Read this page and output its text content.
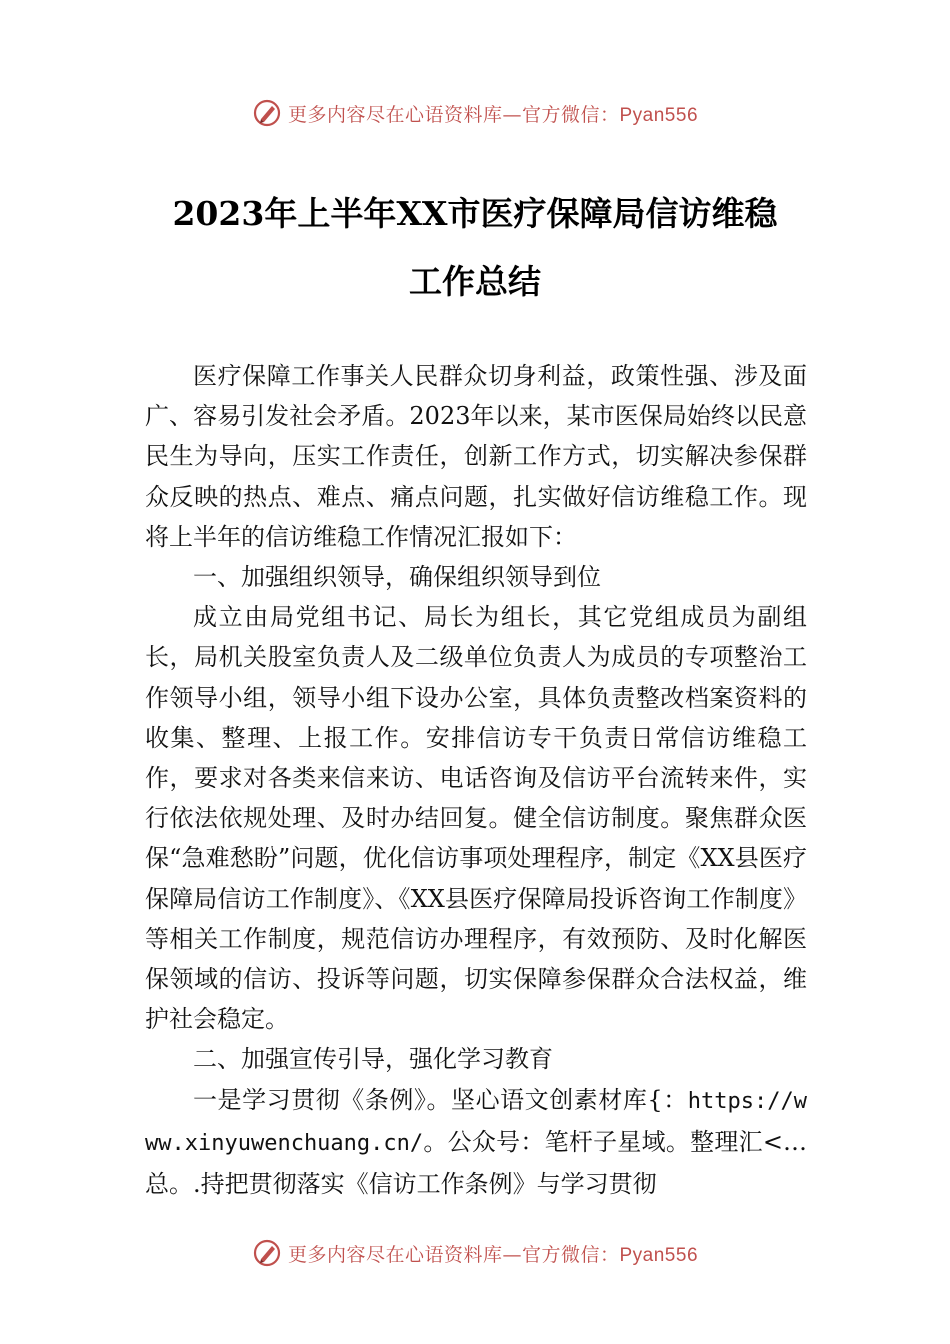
更多内容尽在心语资料库—官方微信：Pyan556
2023年上半年XX市医疗保障局信访维稳
工作总结

医疗保障工作事关人民群众切身利益，政策性强、涉及面广、容易引发社会矛盾。2023年以来，某市医保局始终以民意民生为导向，压实工作责任，创新工作方式，切实解决参保群众反映的热点、难点、痛点问题，扎实做好信访维稳工作。现将上半年的信访维稳工作情况汇报如下：

一、加强组织领导，确保组织领导到位

成立由局党组书记、局长为组长，其它党组成员为副组长，局机关股室负责人及二级单位负责人为成员的专项整治工作领导小组，领导小组下设办公室，具体负责整改档案资料的收集、整理、上报工作。安排信访专干负责日常信访维稳工作，要求对各类来信来访、电话咨询及信访平台流转来件，实行依法依规处理、及时办结回复。健全信访制度。聚焦群众医保“急难愁盼”问题，优化信访事项处理程序，制定《XX县医疗保障局信访工作制度》、《XX县医疗保障局投诉咨询工作制度》等相关工作制度，规范信访办理程序，有效预防、及时化解医保领域的信访、投诉等问题，切实保障参保群众合法权益，维护社会稳定。

二、加强宣传引导，强化学习教育

一是学习贯彻《条例》。坚心语文创素材库{：https://www.xinyuwenchuang.cn/。公众号：笔杆子星域。整理汇<…总。.持把贯彻落实《信访工作条例》与学习贯彻

更多内容尽在心语资料库—官方微信：Pyan556
